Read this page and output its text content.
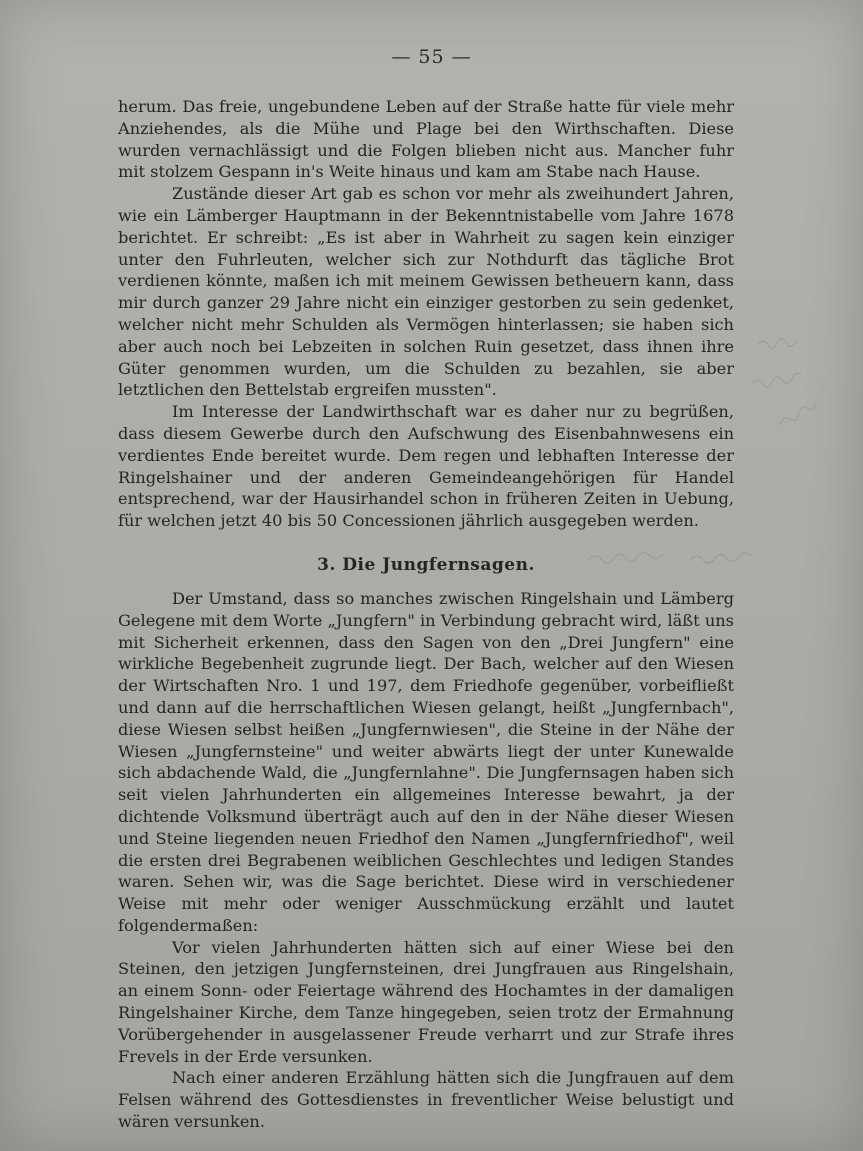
— 55 —

herum. Das freie, ungebundene Leben auf der Straße hatte für viele mehr Anziehendes, als die Mühe und Plage bei den Wirthschaften. Diese wurden vernachlässigt und die Folgen blieben nicht aus. Mancher fuhr mit stolzem Gespann in's Weite hinaus und kam am Stabe nach Hause.

Zustände dieser Art gab es schon vor mehr als zweihundert Jahren, wie ein Lämberger Hauptmann in der Bekenntnistabelle vom Jahre 1678 berichtet. Er schreibt: „Es ist aber in Wahrheit zu sagen kein einziger unter den Fuhrleuten, welcher sich zur Nothdurft das tägliche Brot verdienen könnte, maßen ich mit meinem Gewissen betheuern kann, dass mir durch ganzer 29 Jahre nicht ein einziger gestorben zu sein gedenket, welcher nicht mehr Schulden als Vermögen hinterlassen; sie haben sich aber auch noch bei Lebzeiten in solchen Ruin gesetzet, dass ihnen ihre Güter genommen wurden, um die Schulden zu bezahlen, sie aber letztlichen den Bettelstab ergreifen mussten".

Im Interesse der Landwirthschaft war es daher nur zu begrüßen, dass diesem Gewerbe durch den Aufschwung des Eisenbahnwesens ein verdientes Ende bereitet wurde. Dem regen und lebhaften Interesse der Ringelshainer und der anderen Gemeindeangehörigen für Handel entsprechend, war der Hausirhandel schon in früheren Zeiten in Uebung, für welchen jetzt 40 bis 50 Concessionen jährlich ausgegeben werden.

3. Die Jungfernsagen.

Der Umstand, dass so manches zwischen Ringelshain und Lämberg Gelegene mit dem Worte „Jungfern" in Verbindung gebracht wird, läßt uns mit Sicherheit erkennen, dass den Sagen von den „Drei Jungfern" eine wirkliche Begebenheit zugrunde liegt. Der Bach, welcher auf den Wiesen der Wirtschaften Nro. 1 und 197, dem Friedhofe gegenüber, vorbeifließt und dann auf die herrschaftlichen Wiesen gelangt, heißt „Jungfernbach", diese Wiesen selbst heißen „Jungfernwiesen", die Steine in der Nähe der Wiesen „Jungfernsteine" und weiter abwärts liegt der unter Kunewalde sich abdachende Wald, die „Jungfernlahne". Die Jungfernsagen haben sich seit vielen Jahrhunderten ein allgemeines Interesse bewahrt, ja der dichtende Volksmund überträgt auch auf den in der Nähe dieser Wiesen und Steine liegenden neuen Friedhof den Namen „Jungfernfriedhof", weil die ersten drei Begrabenen weiblichen Geschlechtes und ledigen Standes waren. Sehen wir, was die Sage berichtet. Diese wird in verschiedener Weise mit mehr oder weniger Ausschmückung erzählt und lautet folgendermaßen:

Vor vielen Jahrhunderten hätten sich auf einer Wiese bei den Steinen, den jetzigen Jungfernsteinen, drei Jungfrauen aus Ringelshain, an einem Sonn- oder Feiertage während des Hochamtes in der damaligen Ringelshainer Kirche, dem Tanze hingegeben, seien trotz der Ermahnung Vorübergehender in ausgelassener Freude verharrt und zur Strafe ihres Frevels in der Erde versunken.

Nach einer anderen Erzählung hätten sich die Jungfrauen auf dem Felsen während des Gottesdienstes in freventlicher Weise belustigt und wären versunken.
